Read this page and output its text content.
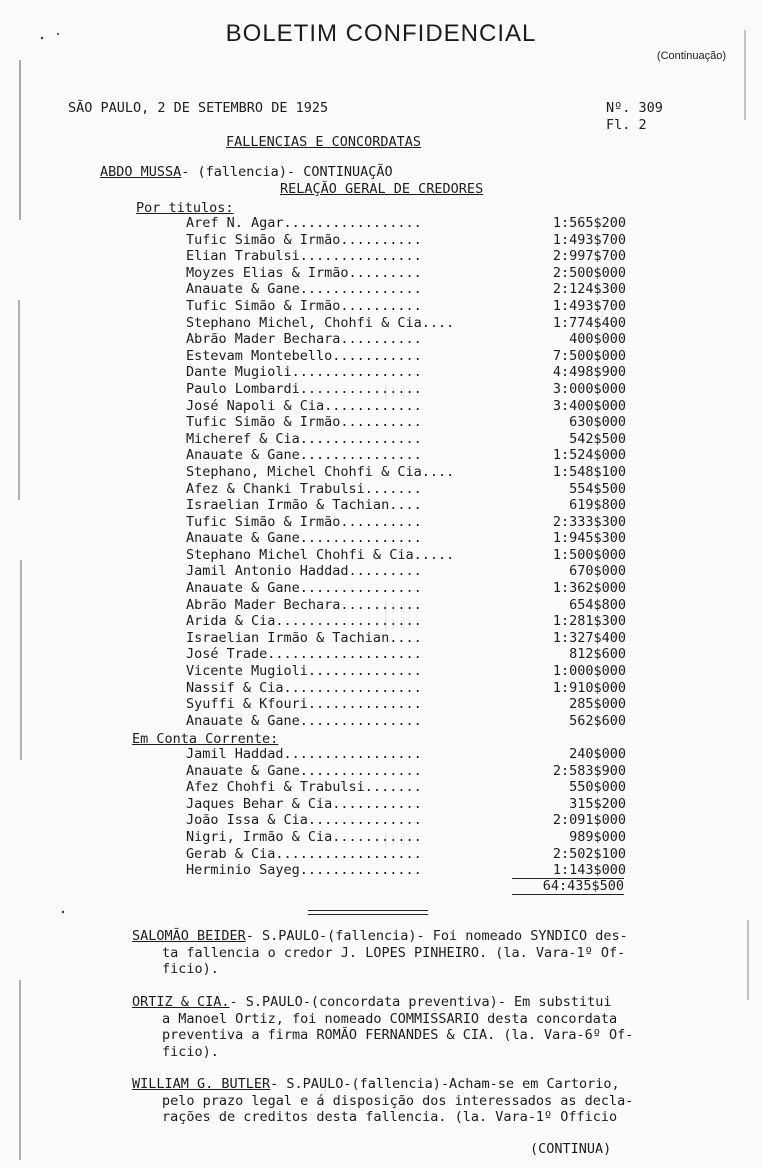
BOLETIM CONFIDENCIAL
(Continuação)
SÃO PAULO, 2 DE SETEMBRO DE 1925	Nº. 309
Fl. 2
FALLENCIAS E CONCORDATAS
ABDO MUSSA- (fallencia)- CONTINUAÇÃO
RELAÇÃO GERAL DE CREDORES
Por titulos:
Aref N. Agar.................	1:565$200
Tufic Simão & Irmão..........	1:493$700
Elian Trabulsi...............	2:997$700
Moyzes Elias & Irmão.........	2:500$000
Anauate & Gane...............	2:124$300
Tufic Simão & Irmão..........	1:493$700
Stephano Michel, Chohfi & Cia....	1:774$400
Abrão Mader Bechara..........	400$000
Estevam Montebello...........	7:500$000
Dante Mugioli................	4:498$900
Paulo Lombardi...............	3:000$000
José Napoli & Cia............	3:400$000
Tufic Simão & Irmão..........	630$000
Micheref & Cia...............	542$500
Anauate & Gane...............	1:524$000
Stephano, Michel Chohfi & Cia....	1:548$100
Afez & Chanki Trabulsi.......	554$500
Israelian Irmão & Tachian....	619$800
Tufic Simão & Irmão..........	2:333$300
Anauate & Gane...............	1:945$300
Stephano Michel Chohfi & Cia.....	1:500$000
Jamil Antonio Haddad.........	670$000
Anauate & Gane...............	1:362$000
Abrão Mader Bechara..........	654$800
Arida & Cia..................	1:281$300
Israelian Irmão & Tachian....	1:327$400
José Trade...................	812$600
Vicente Mugioli..............	1:000$000
Nassif & Cia.................	1:910$000
Syuffi & Kfouri..............	285$000
Anauate & Gane...............	562$600
Em Conta Corrente:
Jamil Haddad.................	240$000
Anauate & Gane...............	2:583$900
Afez Chohfi & Trabulsi.......	550$000
Jaques Behar & Cia...........	315$200
João Issa & Cia..............	2:091$000
Nigri, Irmão & Cia...........	989$000
Gerab & Cia..................	2:502$100
Herminio Sayeg...............	1:143$000
64:435$500
SALOMÃO BEIDER- S.PAULO-(fallencia)- Foi nomeado SYNDICO des-
ta fallencia o credor J. LOPES PINHEIRO. (la. Vara-1º Of-
ficio).
ORTIZ & CIA.- S.PAULO-(concordata preventiva)- Em substitui
a Manoel Ortiz, foi nomeado COMMISSARIO desta concordata
preventiva a firma ROMÃO FERNANDES & CIA. (la. Vara-6º Of-
ficio).
WILLIAM G. BUTLER- S.PAULO-(fallencia)-Acham-se em Cartorio,
pelo prazo legal e á disposição dos interessados as decla-
rações de creditos desta fallencia. (la. Vara-1º Officio
(CONTINUA)
